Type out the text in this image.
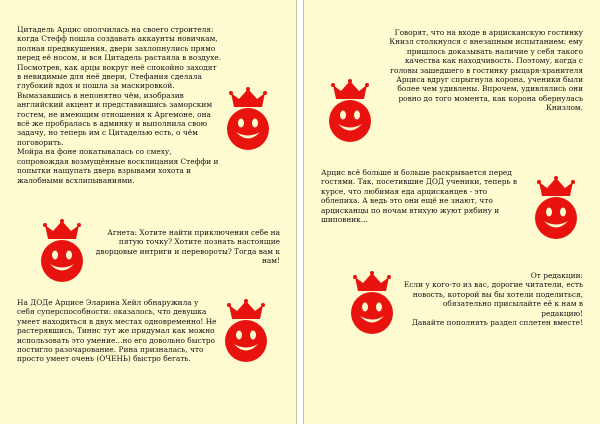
Цитадель Арцис ополчилась на своего строителя:
когда Стефф пошла создавать аккаунты новичкам,
полная предвкушения, двери захлопнулись прямо
перед её носом, и вся Цитадель растаяла в воздухе.
Посмотрев, как арцы вокруг неё спокойно заходят
в невидимые для неё двери, Стефания сделала
глубокий вдох и пошла за маскировкой.
Вымазавшись в непонятно чём, изобразив
английский акцент и представившись заморским
гостем, не имеющим отношения к Аргемоне, она
всё же пробралась в админку и выполнила свою
задачу, но теперь им с Цитаделью есть, о чём
поговорить.
Мойра на фоне покатывалась со смеху,
сопровождая возмущённые восклицания Стеффи и
попытки нащупать дверь взрывами хохота и
жалобными всхлипываниями.

Агнета: Хотите найти приключения себе на
пятую точку? Хотите познать настоящие
дворцовые интриги и перевороты? Тогда вам к
нам!

На ДОДе Арцисе Эларина Хейл обнаружила у
себя суперспособности: оказалось, что девушка
умеет находиться в двух местах одновременно! Не
растерявшись, Тиннс тут же придумал как можно
использовать это умение...но его довольно быстро
постигло разочарование. Рина призналась, что
просто умеет очень (ОЧЕНЬ) быстро бегать.

Говорят, что на входе в арцисканскую гостинку
Книзл столкнулся с внезапным испытанием: ему
пришлось доказывать наличие у себя такого
качества как находчивость. Поэтому, когда с
головы зашедшего в гостинку рыцаря-хранителя
Арциса вдруг спрыгнула корона, ученики были
более чем удивлены. Впрочем, удивлялись они
ровно до того момента, как корона обернулась
Книзлом.

Арцис всё больше и больше раскрывается перед
гостями. Так, посетившие ДОД ученики, теперь в
курсе, что любимая еда арцисканцев - это
облепиха. А ведь это они ещё не знают, что
арцисканцы по ночам втихую жуют рябину и
шиповник...

От редакции:
Если у кого-то из вас, дорогие читатели, есть
новость, которой вы бы хотели поделиться,
обязательно присылайте её к нам в
редакцию!
Давайте пополнять раздел сплетен вместе!
